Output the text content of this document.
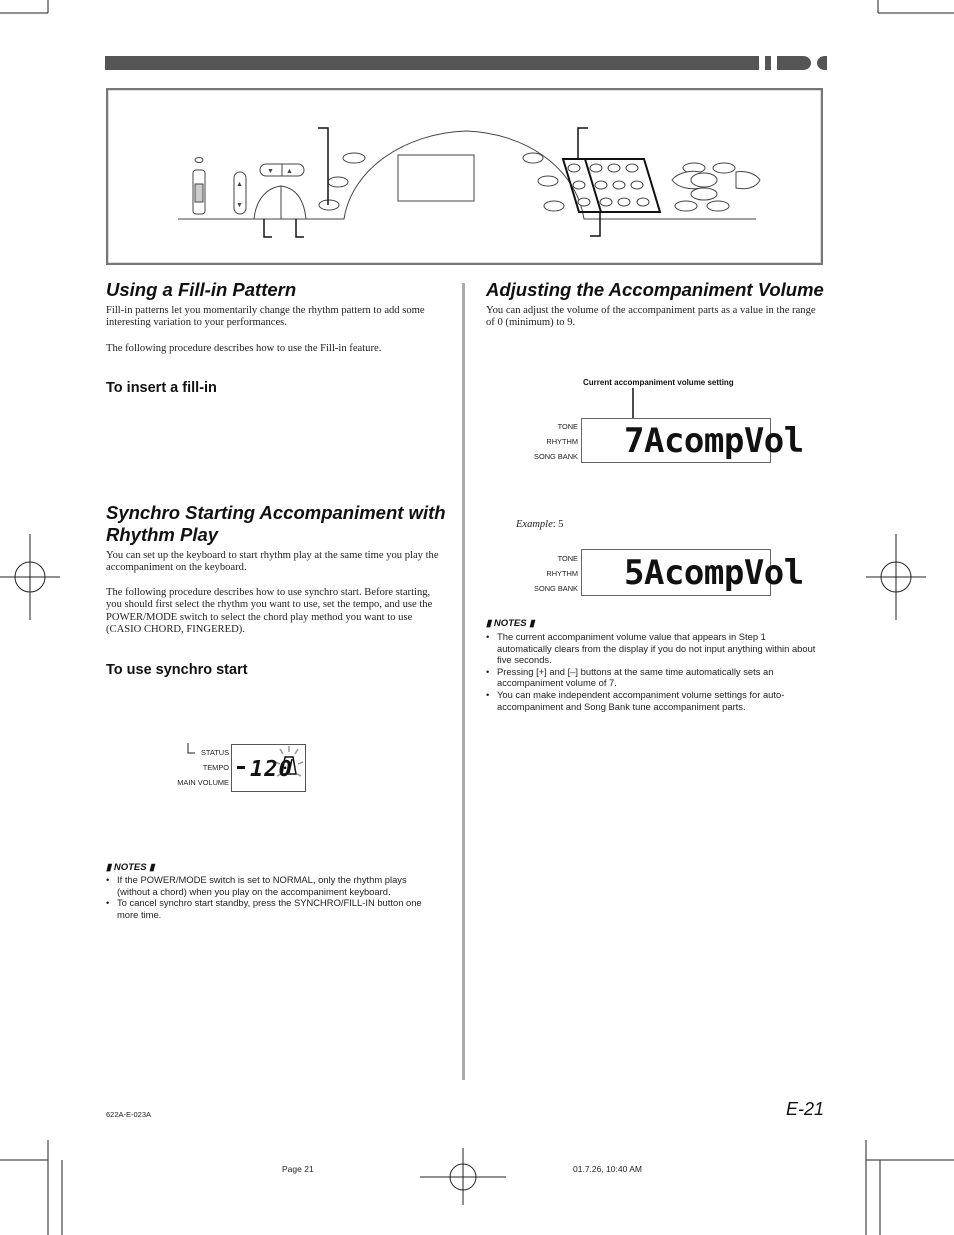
▲
▼
▼ ▲
Using a Fill-in Pattern

Fill-in patterns let you momentarily change the rhythm pattern to add some interesting variation to your performances.

The following procedure describes how to use the Fill-in feature.

To insert a fill-in
Synchro Starting Accompaniment with
Rhythm Play

You can set up the keyboard to start rhythm play at the same time you play the accompaniment on the keyboard.

The following procedure describes how to use synchro start. Before starting, you should first select the rhythm you want to use, set the tempo, and use the POWER/MODE switch to select the chord play method you want to use (CASIO CHORD, FINGERED).

To use synchro start
STATUS
TEMPO
MAIN VOLUME
120
▮ NOTES ▮
• If the POWER/MODE switch is set to NORMAL, only the rhythm plays (without a chord) when you play on the accompaniment keyboard.
• To cancel synchro start standby, press the SYNCHRO/FILL-IN button one more time.
Adjusting the Accompaniment Volume

You can adjust the volume of the accompaniment parts as a value in the range of 0 (minimum) to 9.

Current accompaniment volume setting
TONE
RHYTHM
SONG BANK 7AcompVol
Example: 5
TONE
RHYTHM
SONG BANK 5AcompVol
▮ NOTES ▮
• The current accompaniment volume value that appears in Step 1 automatically clears from the display if you do not input anything within about five seconds.
• Pressing [+] and [–] buttons at the same time automatically sets an accompaniment volume of 7.
• You can make independent accompaniment volume settings for auto-accompaniment and Song Bank tune accompaniment parts.
622A-E-023A	E-21
Page 21	01.7.26, 10:40 AM
